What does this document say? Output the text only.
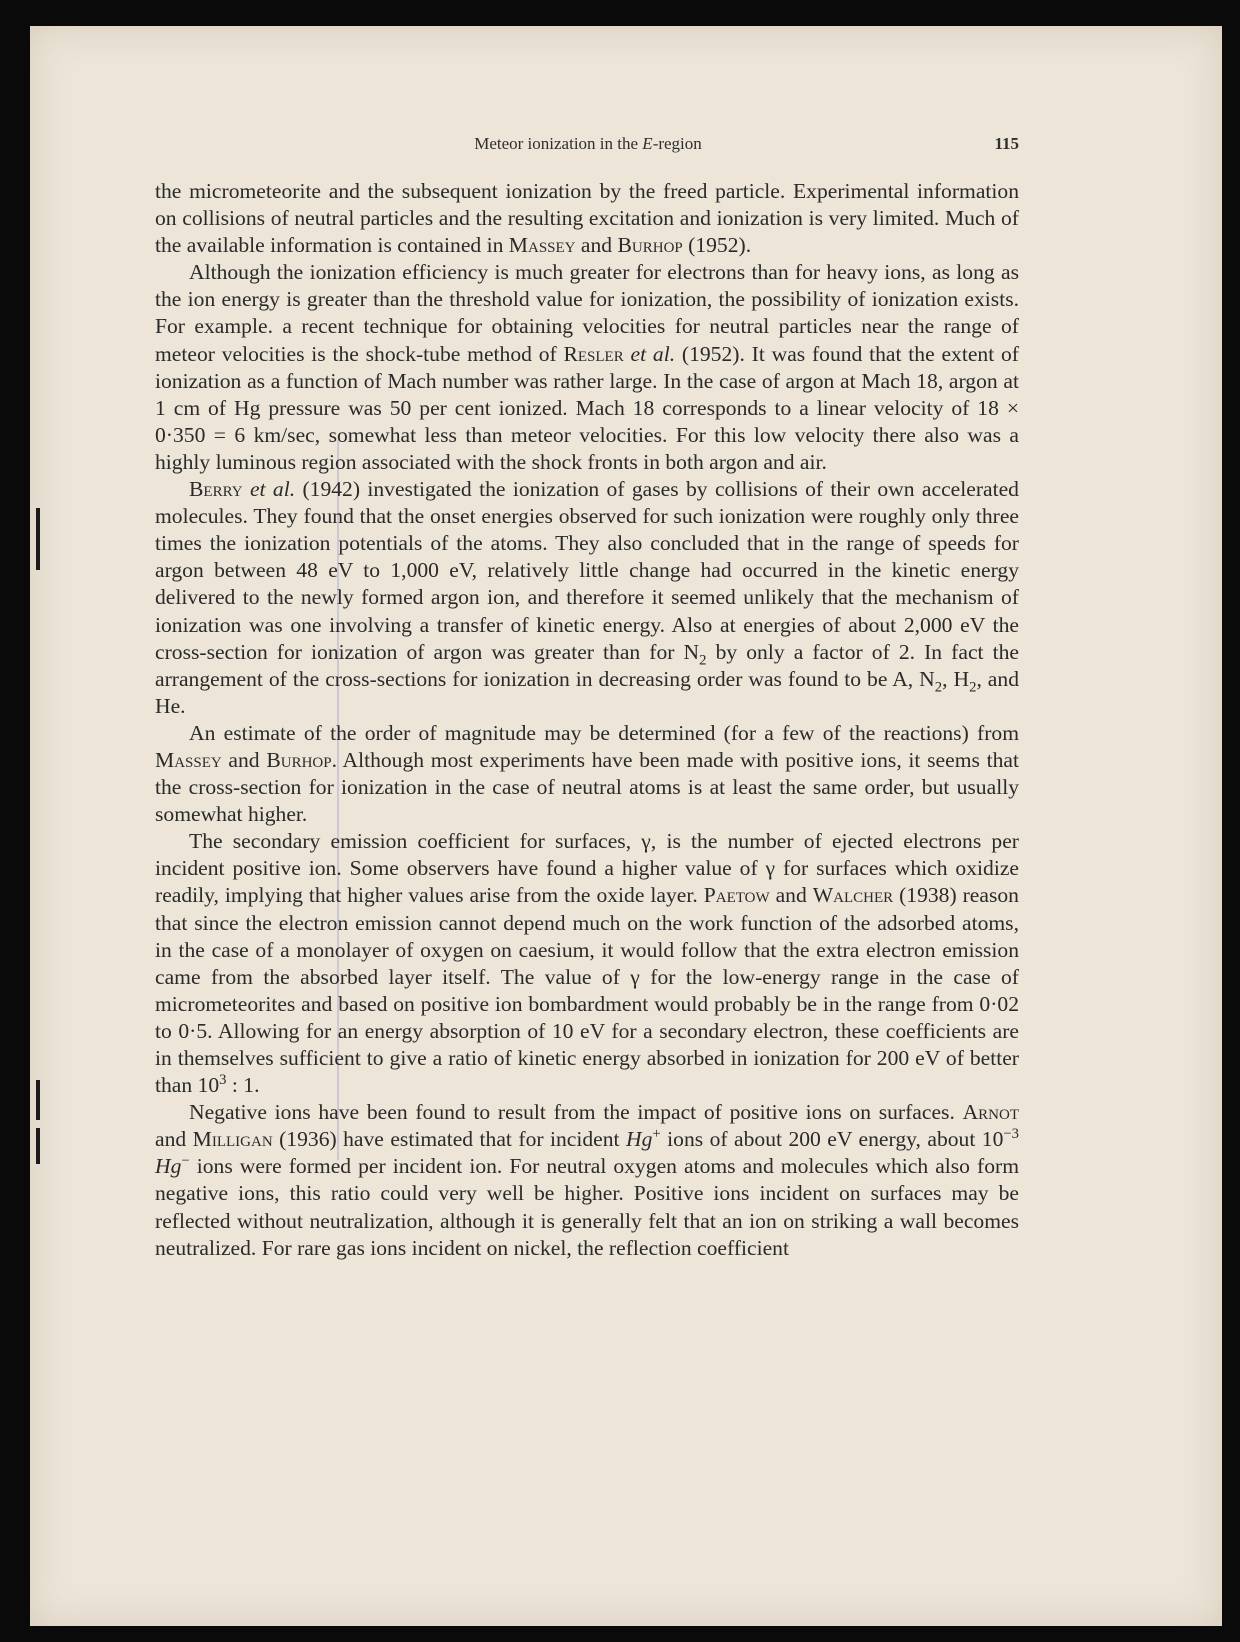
Meteor ionization in the E-region	115

the micrometeorite and the subsequent ionization by the freed particle. Experimental information on collisions of neutral particles and the resulting excitation and ionization is very limited. Much of the available information is contained in Massey and Burhop (1952).

Although the ionization efficiency is much greater for electrons than for heavy ions, as long as the ion energy is greater than the threshold value for ionization, the possibility of ionization exists. For example. a recent technique for obtaining velocities for neutral particles near the range of meteor velocities is the shock-tube method of Resler et al. (1952). It was found that the extent of ionization as a function of Mach number was rather large. In the case of argon at Mach 18, argon at 1 cm of Hg pressure was 50 per cent ionized. Mach 18 corresponds to a linear velocity of 18 × 0·350 = 6 km/sec, somewhat less than meteor velocities. For this low velocity there also was a highly luminous region associated with the shock fronts in both argon and air.

Berry et al. (1942) investigated the ionization of gases by collisions of their own accelerated molecules. They found that the onset energies observed for such ionization were roughly only three times the ionization potentials of the atoms. They also concluded that in the range of speeds for argon between 48 eV to 1,000 eV, relatively little change had occurred in the kinetic energy delivered to the newly formed argon ion, and therefore it seemed unlikely that the mechanism of ionization was one involving a transfer of kinetic energy. Also at energies of about 2,000 eV the cross-section for ionization of argon was greater than for $N_2$ by only a factor of 2. In fact the arrangement of the cross-sections for ionization in decreasing order was found to be A, $N_2$, $H_2$, and He.

An estimate of the order of magnitude may be determined (for a few of the reactions) from Massey and Burhop. Although most experiments have been made with positive ions, it seems that the cross-section for ionization in the case of neutral atoms is at least the same order, but usually somewhat higher.

The secondary emission coefficient for surfaces, γ, is the number of ejected electrons per incident positive ion. Some observers have found a higher value of γ for surfaces which oxidize readily, implying that higher values arise from the oxide layer. Paetow and Walcher (1938) reason that since the electron emission cannot depend much on the work function of the adsorbed atoms, in the case of a monolayer of oxygen on caesium, it would follow that the extra electron emission came from the absorbed layer itself. The value of γ for the low-energy range in the case of micrometeorites and based on positive ion bombardment would probably be in the range from 0·02 to 0·5. Allowing for an energy absorption of 10 eV for a secondary electron, these coefficients are in themselves sufficient to give a ratio of kinetic energy absorbed in ionization for 200 eV of better than $10^3$ : 1.

Negative ions have been found to result from the impact of positive ions on surfaces. Arnot and Milligan (1936) have estimated that for incident Hg+ ions of about 200 eV energy, about $10^{-3}$ Hg− ions were formed per incident ion. For neutral oxygen atoms and molecules which also form negative ions, this ratio could very well be higher. Positive ions incident on surfaces may be reflected without neutralization, although it is generally felt that an ion on striking a wall becomes neutralized. For rare gas ions incident on nickel, the reflection coefficient
